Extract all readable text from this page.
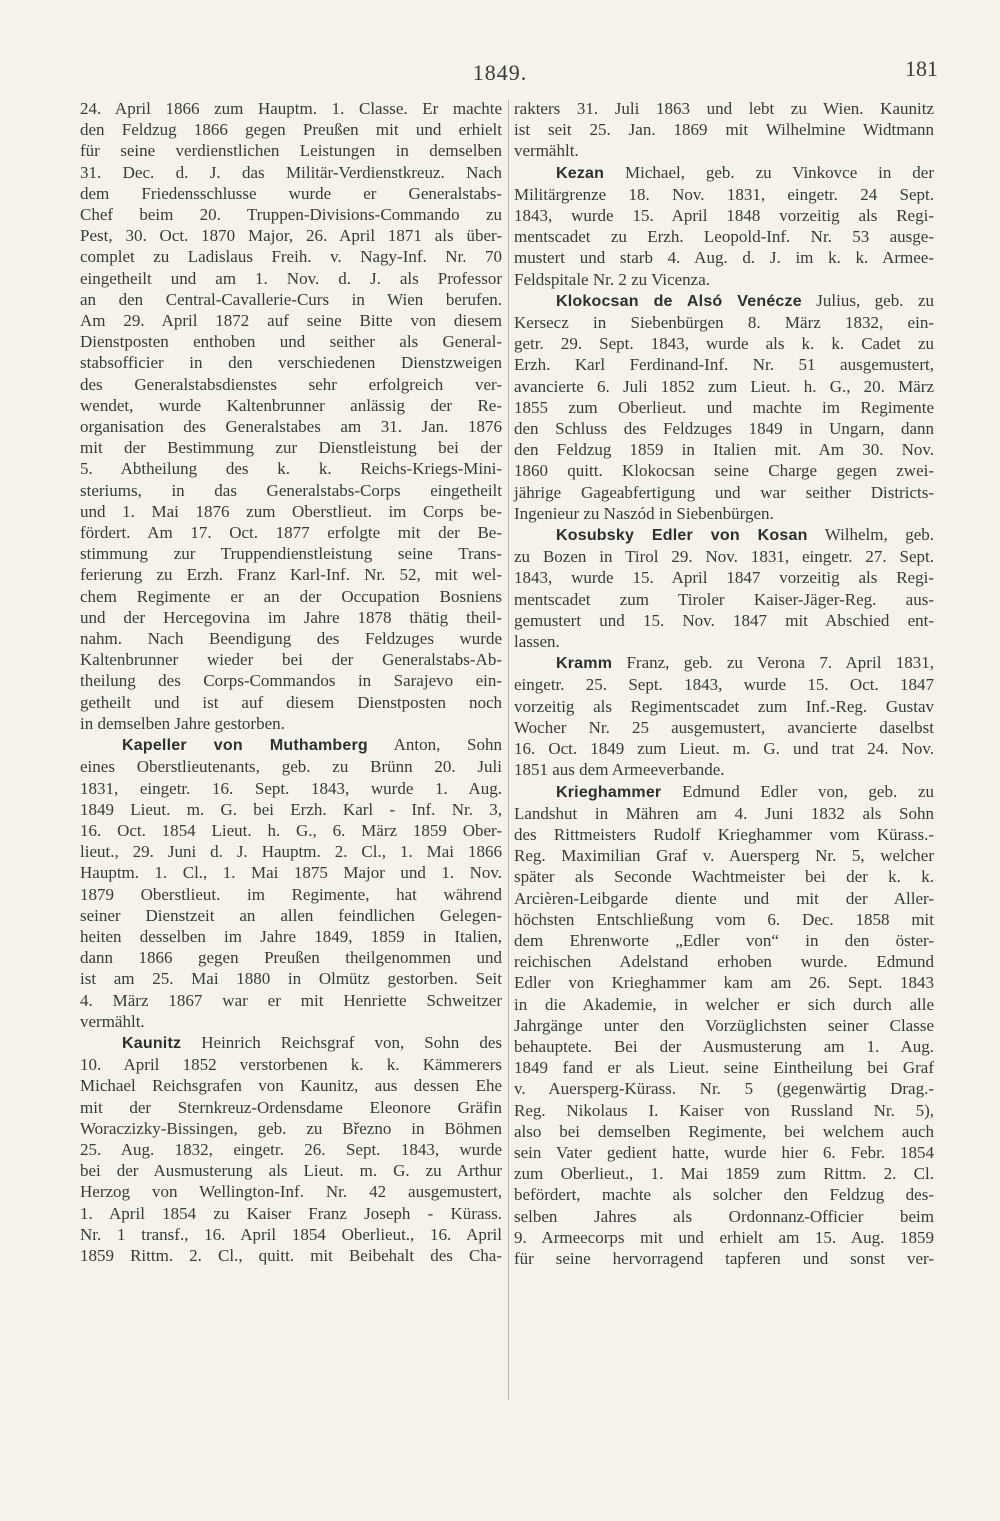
1849.	181
24. April 1866 zum Hauptm. 1. Classe. Er machte
den Feldzug 1866 gegen Preußen mit und erhielt
für seine verdienstlichen Leistungen in demselben
31. Dec. d. J. das Militär-Verdienstkreuz. Nach
dem Friedensschlusse wurde er Generalstabs-
Chef beim 20. Truppen-Divisions-Commando zu
Pest, 30. Oct. 1870 Major, 26. April 1871 als über-
complet zu Ladislaus Freih. v. Nagy-Inf. Nr. 70
eingetheilt und am 1. Nov. d. J. als Professor
an den Central-Cavallerie-Curs in Wien berufen.
Am 29. April 1872 auf seine Bitte von diesem
Dienstposten enthoben und seither als General-
stabsofficier in den verschiedenen Dienstzweigen
des Generalstabsdienstes sehr erfolgreich ver-
wendet, wurde Kaltenbrunner anlässig der Re-
organisation des Generalstabes am 31. Jan. 1876
mit der Bestimmung zur Dienstleistung bei der
5. Abtheilung des k. k. Reichs-Kriegs-Mini-
steriums, in das Generalstabs-Corps eingetheilt
und 1. Mai 1876 zum Oberstlieut. im Corps be-
fördert. Am 17. Oct. 1877 erfolgte mit der Be-
stimmung zur Truppendienstleistung seine Trans-
ferierung zu Erzh. Franz Karl-Inf. Nr. 52, mit wel-
chem Regimente er an der Occupation Bosniens
und der Hercegovina im Jahre 1878 thätig theil-
nahm. Nach Beendigung des Feldzuges wurde
Kaltenbrunner wieder bei der Generalstabs-Ab-
theilung des Corps-Commandos in Sarajevo ein-
getheilt und ist auf diesem Dienstposten noch
in demselben Jahre gestorben.
Kapeller von Muthamberg Anton, Sohn
eines Oberstlieutenants, geb. zu Brünn 20. Juli
1831, eingetr. 16. Sept. 1843, wurde 1. Aug.
1849 Lieut. m. G. bei Erzh. Karl - Inf. Nr. 3,
16. Oct. 1854 Lieut. h. G., 6. März 1859 Ober-
lieut., 29. Juni d. J. Hauptm. 2. Cl., 1. Mai 1866
Hauptm. 1. Cl., 1. Mai 1875 Major und 1. Nov.
1879 Oberstlieut. im Regimente, hat während
seiner Dienstzeit an allen feindlichen Gelegen-
heiten desselben im Jahre 1849, 1859 in Italien,
dann 1866 gegen Preußen theilgenommen und
ist am 25. Mai 1880 in Olmütz gestorben. Seit
4. März 1867 war er mit Henriette Schweitzer
vermählt.
Kaunitz Heinrich Reichsgraf von, Sohn des
10. April 1852 verstorbenen k. k. Kämmerers
Michael Reichsgrafen von Kaunitz, aus dessen Ehe
mit der Sternkreuz-Ordensdame Eleonore Gräfin
Woraczizky-Bissingen, geb. zu Březno in Böhmen
25. Aug. 1832, eingetr. 26. Sept. 1843, wurde
bei der Ausmusterung als Lieut. m. G. zu Arthur
Herzog von Wellington-Inf. Nr. 42 ausgemustert,
1. April 1854 zu Kaiser Franz Joseph - Kürass.
Nr. 1 transf., 16. April 1854 Oberlieut., 16. April
1859 Rittm. 2. Cl., quitt. mit Beibehalt des Cha-
rakters 31. Juli 1863 und lebt zu Wien. Kaunitz
ist seit 25. Jan. 1869 mit Wilhelmine Widtmann
vermählt.
Kezan Michael, geb. zu Vinkovce in der
Militärgrenze 18. Nov. 1831, eingetr. 24 Sept.
1843, wurde 15. April 1848 vorzeitig als Regi-
mentscadet zu Erzh. Leopold-Inf. Nr. 53 ausge-
mustert und starb 4. Aug. d. J. im k. k. Armee-
Feldspitale Nr. 2 zu Vicenza.
Klokocsan de Alsó Venécze Julius, geb. zu
Kersecz in Siebenbürgen 8. März 1832, ein-
getr. 29. Sept. 1843, wurde als k. k. Cadet zu
Erzh. Karl Ferdinand-Inf. Nr. 51 ausgemustert,
avancierte 6. Juli 1852 zum Lieut. h. G., 20. März
1855 zum Oberlieut. und machte im Regimente
den Schluss des Feldzuges 1849 in Ungarn, dann
den Feldzug 1859 in Italien mit. Am 30. Nov.
1860 quitt. Klokocsan seine Charge gegen zwei-
jährige Gageabfertigung und war seither Districts-
Ingenieur zu Naszód in Siebenbürgen.
Kosubsky Edler von Kosan Wilhelm, geb.
zu Bozen in Tirol 29. Nov. 1831, eingetr. 27. Sept.
1843, wurde 15. April 1847 vorzeitig als Regi-
mentscadet zum Tiroler Kaiser-Jäger-Reg. aus-
gemustert und 15. Nov. 1847 mit Abschied ent-
lassen.
Kramm Franz, geb. zu Verona 7. April 1831,
eingetr. 25. Sept. 1843, wurde 15. Oct. 1847
vorzeitig als Regimentscadet zum Inf.-Reg. Gustav
Wocher Nr. 25 ausgemustert, avancierte daselbst
16. Oct. 1849 zum Lieut. m. G. und trat 24. Nov.
1851 aus dem Armeeverbande.
Krieghammer Edmund Edler von, geb. zu
Landshut in Mähren am 4. Juni 1832 als Sohn
des Rittmeisters Rudolf Krieghammer vom Kürass.-
Reg. Maximilian Graf v. Auersperg Nr. 5, welcher
später als Seconde Wachtmeister bei der k. k.
Arcièren-Leibgarde diente und mit der Aller-
höchsten Entschließung vom 6. Dec. 1858 mit
dem Ehrenworte „Edler von“ in den öster-
reichischen Adelstand erhoben wurde. Edmund
Edler von Krieghammer kam am 26. Sept. 1843
in die Akademie, in welcher er sich durch alle
Jahrgänge unter den Vorzüglichsten seiner Classe
behauptete. Bei der Ausmusterung am 1. Aug.
1849 fand er als Lieut. seine Eintheilung bei Graf
v. Auersperg-Kürass. Nr. 5 (gegenwärtig Drag.-
Reg. Nikolaus I. Kaiser von Russland Nr. 5),
also bei demselben Regimente, bei welchem auch
sein Vater gedient hatte, wurde hier 6. Febr. 1854
zum Oberlieut., 1. Mai 1859 zum Rittm. 2. Cl.
befördert, machte als solcher den Feldzug des-
selben Jahres als Ordonnanz-Officier beim
9. Armeecorps mit und erhielt am 15. Aug. 1859
für seine hervorragend tapferen und sonst ver-
